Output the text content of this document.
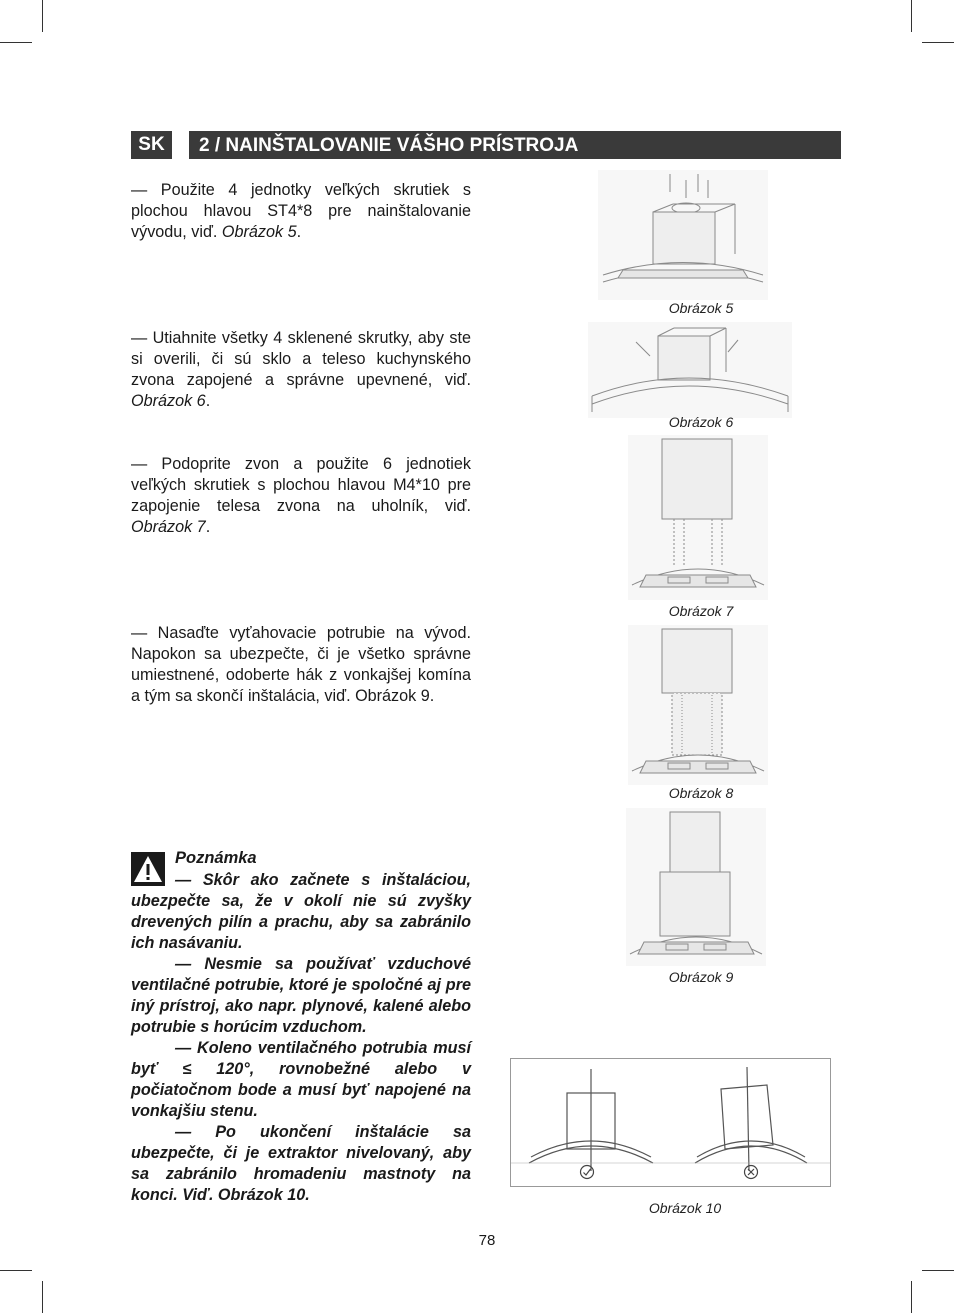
SK	2 / NAINŠTALOVANIE VÁŠHO PRÍSTROJA
— Použite 4 jednotky veľkých skrutiek s plochou hlavou ST4*8 pre nainštalovanie vývodu, viď. Obrázok 5.
— Utiahnite všetky 4 sklenené skrutky, aby ste si overili, či sú sklo a teleso kuchynského zvona zapojené a správne upevnené, viď. Obrázok 6.
— Podoprite zvon a použite 6 jednotiek veľkých skrutiek s plochou hlavou M4*10 pre zapojenie telesa zvona na uholník, viď. Obrázok 7.
— Nasaďte vyťahovacie potrubie na vývod. Napokon sa ubezpečte, či je všetko správne umiestnené, odoberte hák z vonkajšej komína a tým sa skončí inštalácia, viď. Obrázok 9.
Poznámka

— Skôr ako začnete s inštaláciou, ubezpečte sa, že v okolí nie sú zvyšky drevených pilín a prachu, aby sa zabránilo ich nasávaniu.

— Nesmie sa používať vzduchové ventilačné potrubie, ktoré je spoločné aj pre iný prístroj, ako napr. plynové, kalené alebo potrubie s horúcim vzduchom.

— Koleno ventilačného potrubia musí byť ≤ 120°, rovnobežné alebo v počiatočnom bode a musí byť napojené na vonkajšiu stenu.

— Po ukončení inštalácie sa ubezpečte, či je extraktor nivelovaný, aby sa zabránilo hromadeniu mastnoty na konci. Viď. Obrázok 10.

Obrázok 5
Obrázok 6
Obrázok 7
Obrázok 8
Obrázok 9
Obrázok 10
78
